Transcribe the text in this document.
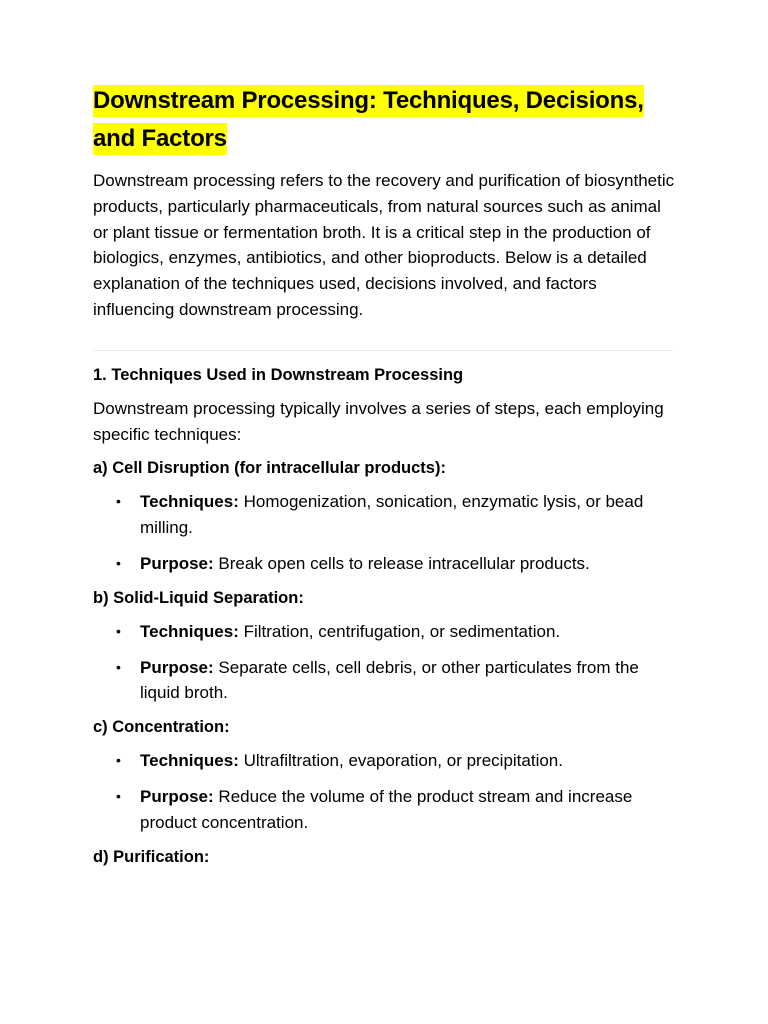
Downstream Processing: Techniques, Decisions, and Factors

Downstream processing refers to the recovery and purification of biosynthetic products, particularly pharmaceuticals, from natural sources such as animal or plant tissue or fermentation broth. It is a critical step in the production of biologics, enzymes, antibiotics, and other bioproducts. Below is a detailed explanation of the techniques used, decisions involved, and factors influencing downstream processing.

1. Techniques Used in Downstream Processing

Downstream processing typically involves a series of steps, each employing specific techniques:

a) Cell Disruption (for intracellular products):
• Techniques: Homogenization, sonication, enzymatic lysis, or bead milling.
• Purpose: Break open cells to release intracellular products.
b) Solid-Liquid Separation:
• Techniques: Filtration, centrifugation, or sedimentation.
• Purpose: Separate cells, cell debris, or other particulates from the liquid broth.
c) Concentration:
• Techniques: Ultrafiltration, evaporation, or precipitation.
• Purpose: Reduce the volume of the product stream and increase product concentration.
d) Purification:
